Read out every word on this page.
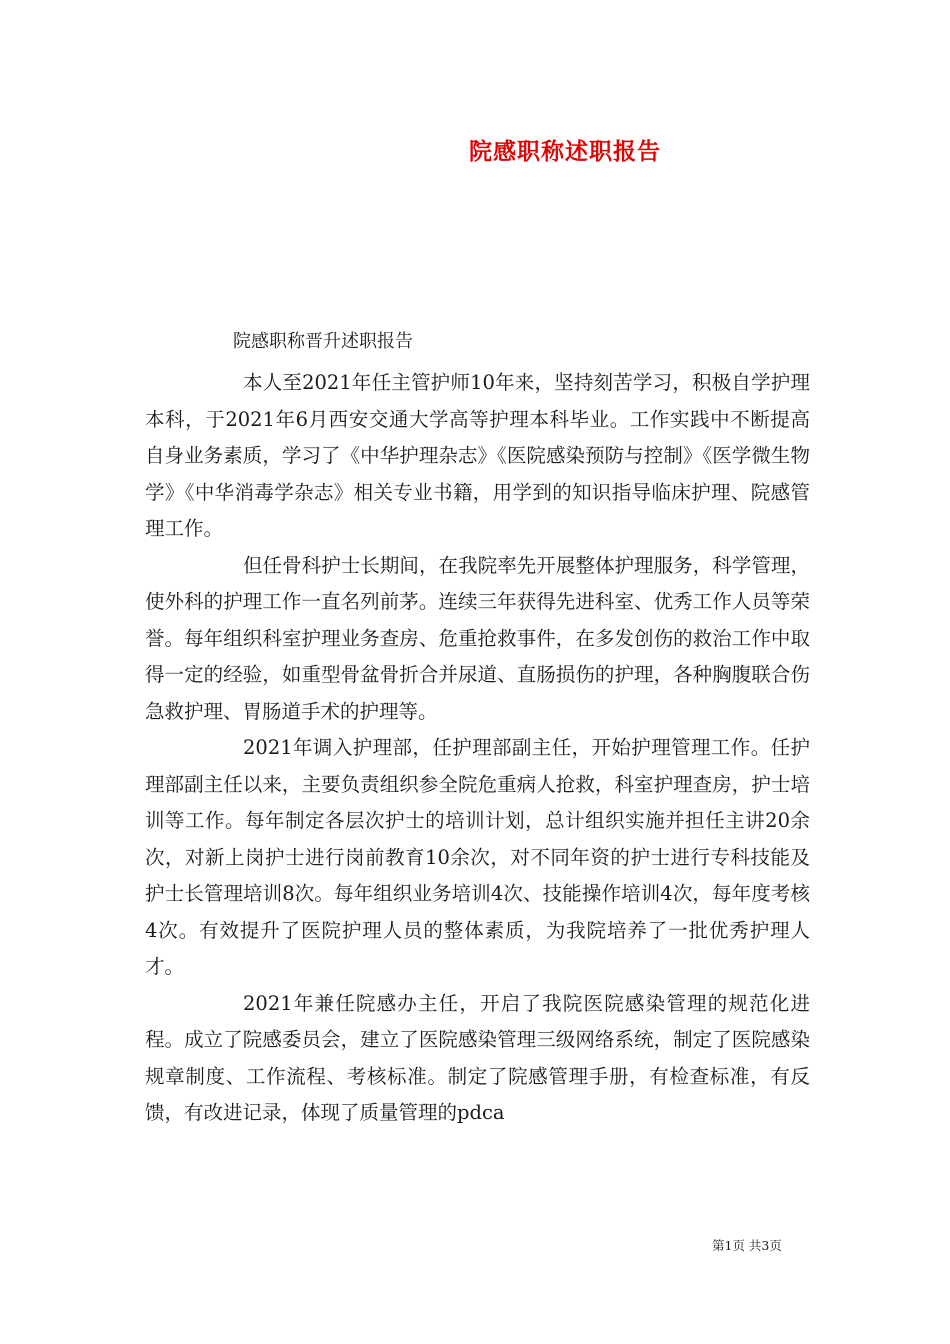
院感职称述职报告
院感职称晋升述职报告

本人至2021年任主管护师10年来，坚持刻苦学习，积极自学护理本科，于2021年6月西安交通大学高等护理本科毕业。工作实践中不断提高自身业务素质，学习了《中华护理杂志》《医院感染预防与控制》《医学微生物学》《中华消毒学杂志》相关专业书籍，用学到的知识指导临床护理、院感管理工作。

但任骨科护士长期间，在我院率先开展整体护理服务，科学管理，使外科的护理工作一直名列前茅。连续三年获得先进科室、优秀工作人员等荣誉。每年组织科室护理业务查房、危重抢救事件，在多发创伤的救治工作中取得一定的经验，如重型骨盆骨折合并尿道、直肠损伤的护理，各种胸腹联合伤急救护理、胃肠道手术的护理等。

2021年调入护理部，任护理部副主任，开始护理管理工作。任护理部副主任以来，主要负责组织参全院危重病人抢救，科室护理查房，护士培训等工作。每年制定各层次护士的培训计划，总计组织实施并担任主讲20余次，对新上岗护士进行岗前教育10余次，对不同年资的护士进行专科技能及护士长管理培训8次。每年组织业务培训4次、技能操作培训4次，每年度考核4次。有效提升了医院护理人员的整体素质，为我院培养了一批优秀护理人才。

2021年兼任院感办主任，开启了我院医院感染管理的规范化进程。成立了院感委员会，建立了医院感染管理三级网络系统，制定了医院感染规章制度、工作流程、考核标准。制定了院感管理手册，有检查标准，有反馈，有改进记录，体现了质量管理的pdca

第1页 共3页
